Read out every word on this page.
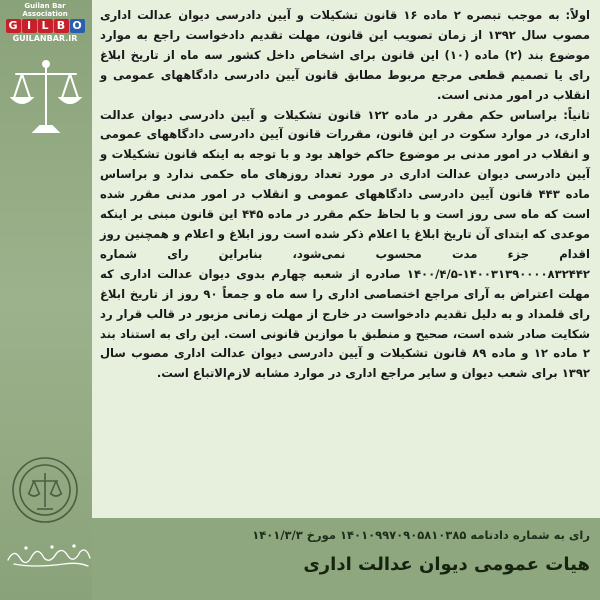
Guilan Bar Association
G I L B O
GUILANBAR.IR

اولاً: به موجب تبصره ۲ ماده ۱۶ قانون تشکیلات و آیین دادرسی دیوان عدالت اداری مصوب سال ۱۳۹۲ از زمان تصویب این قانون، مهلت تقدیم دادخواست راجع به موارد موضوع بند (۲) ماده (۱۰) این قانون برای اشخاص داخل کشور سه ماه از تاریخ ابلاغ رای یا تصمیم قطعی مرجع مربوط مطابق قانون آیین دادرسی دادگاههای عمومی و انقلاب در امور مدنی است.

ثانیاً: براساس حکم مقرر در ماده ۱۲۲ قانون تشکیلات و آیین دادرسی دیوان عدالت اداری، در موارد سکوت در این قانون، مقررات قانون آیین دادرسی دادگاههای عمومی و انقلاب در امور مدنی بر موضوع حاکم خواهد بود و با توجه به اینکه قانون تشکیلات و آیین دادرسی دیوان عدالت اداری در مورد تعداد روزهای ماه حکمی ندارد و براساس ماده ۴۴۳ قانون آیین دادرسی دادگاههای عمومی و انقلاب در امور مدنی مقرر شده است که ماه سی روز است و با لحاظ حکم مقرر در ماده ۴۴۵ این قانون مبنی بر اینکه موعدی که ابتدای آن تاریخ ابلاغ یا اعلام ذکر شده است روز ابلاغ و اعلام و همچنین روز اقدام جزء مدت محسوب نمی‌شود، بنابراین رای شماره ۱۴۰۰۳۱۳۹۰۰۰۰۸۳۲۴۴۲-۱۴۰۰/۴/۵ صادره از شعبه چهارم بدوی دیوان عدالت اداری که مهلت اعتراض به آرای مراجع اختصاصی اداری را سه ماه و جمعاً ۹۰ روز از تاریخ ابلاغ رای قلمداد و به دلیل تقدیم دادخواست در خارج از مهلت زمانی مزبور در قالب قرار رد شکایت صادر شده است، صحیح و منطبق با موازین قانونی است. این رای به استناد بند ۲ ماده ۱۲ و ماده ۸۹ قانون تشکیلات و آیین دادرسی دیوان عدالت اداری مصوب سال ۱۳۹۲ برای شعب دیوان و سایر مراجع اداری در موارد مشابه لازم‌الاتباع است.

رای به شماره دادنامه ۱۴۰۱۰۹۹۷۰۹۰۵۸۱۰۳۸۵ مورخ ۱۴۰۱/۳/۳
هیات عمومی دیوان عدالت اداری
